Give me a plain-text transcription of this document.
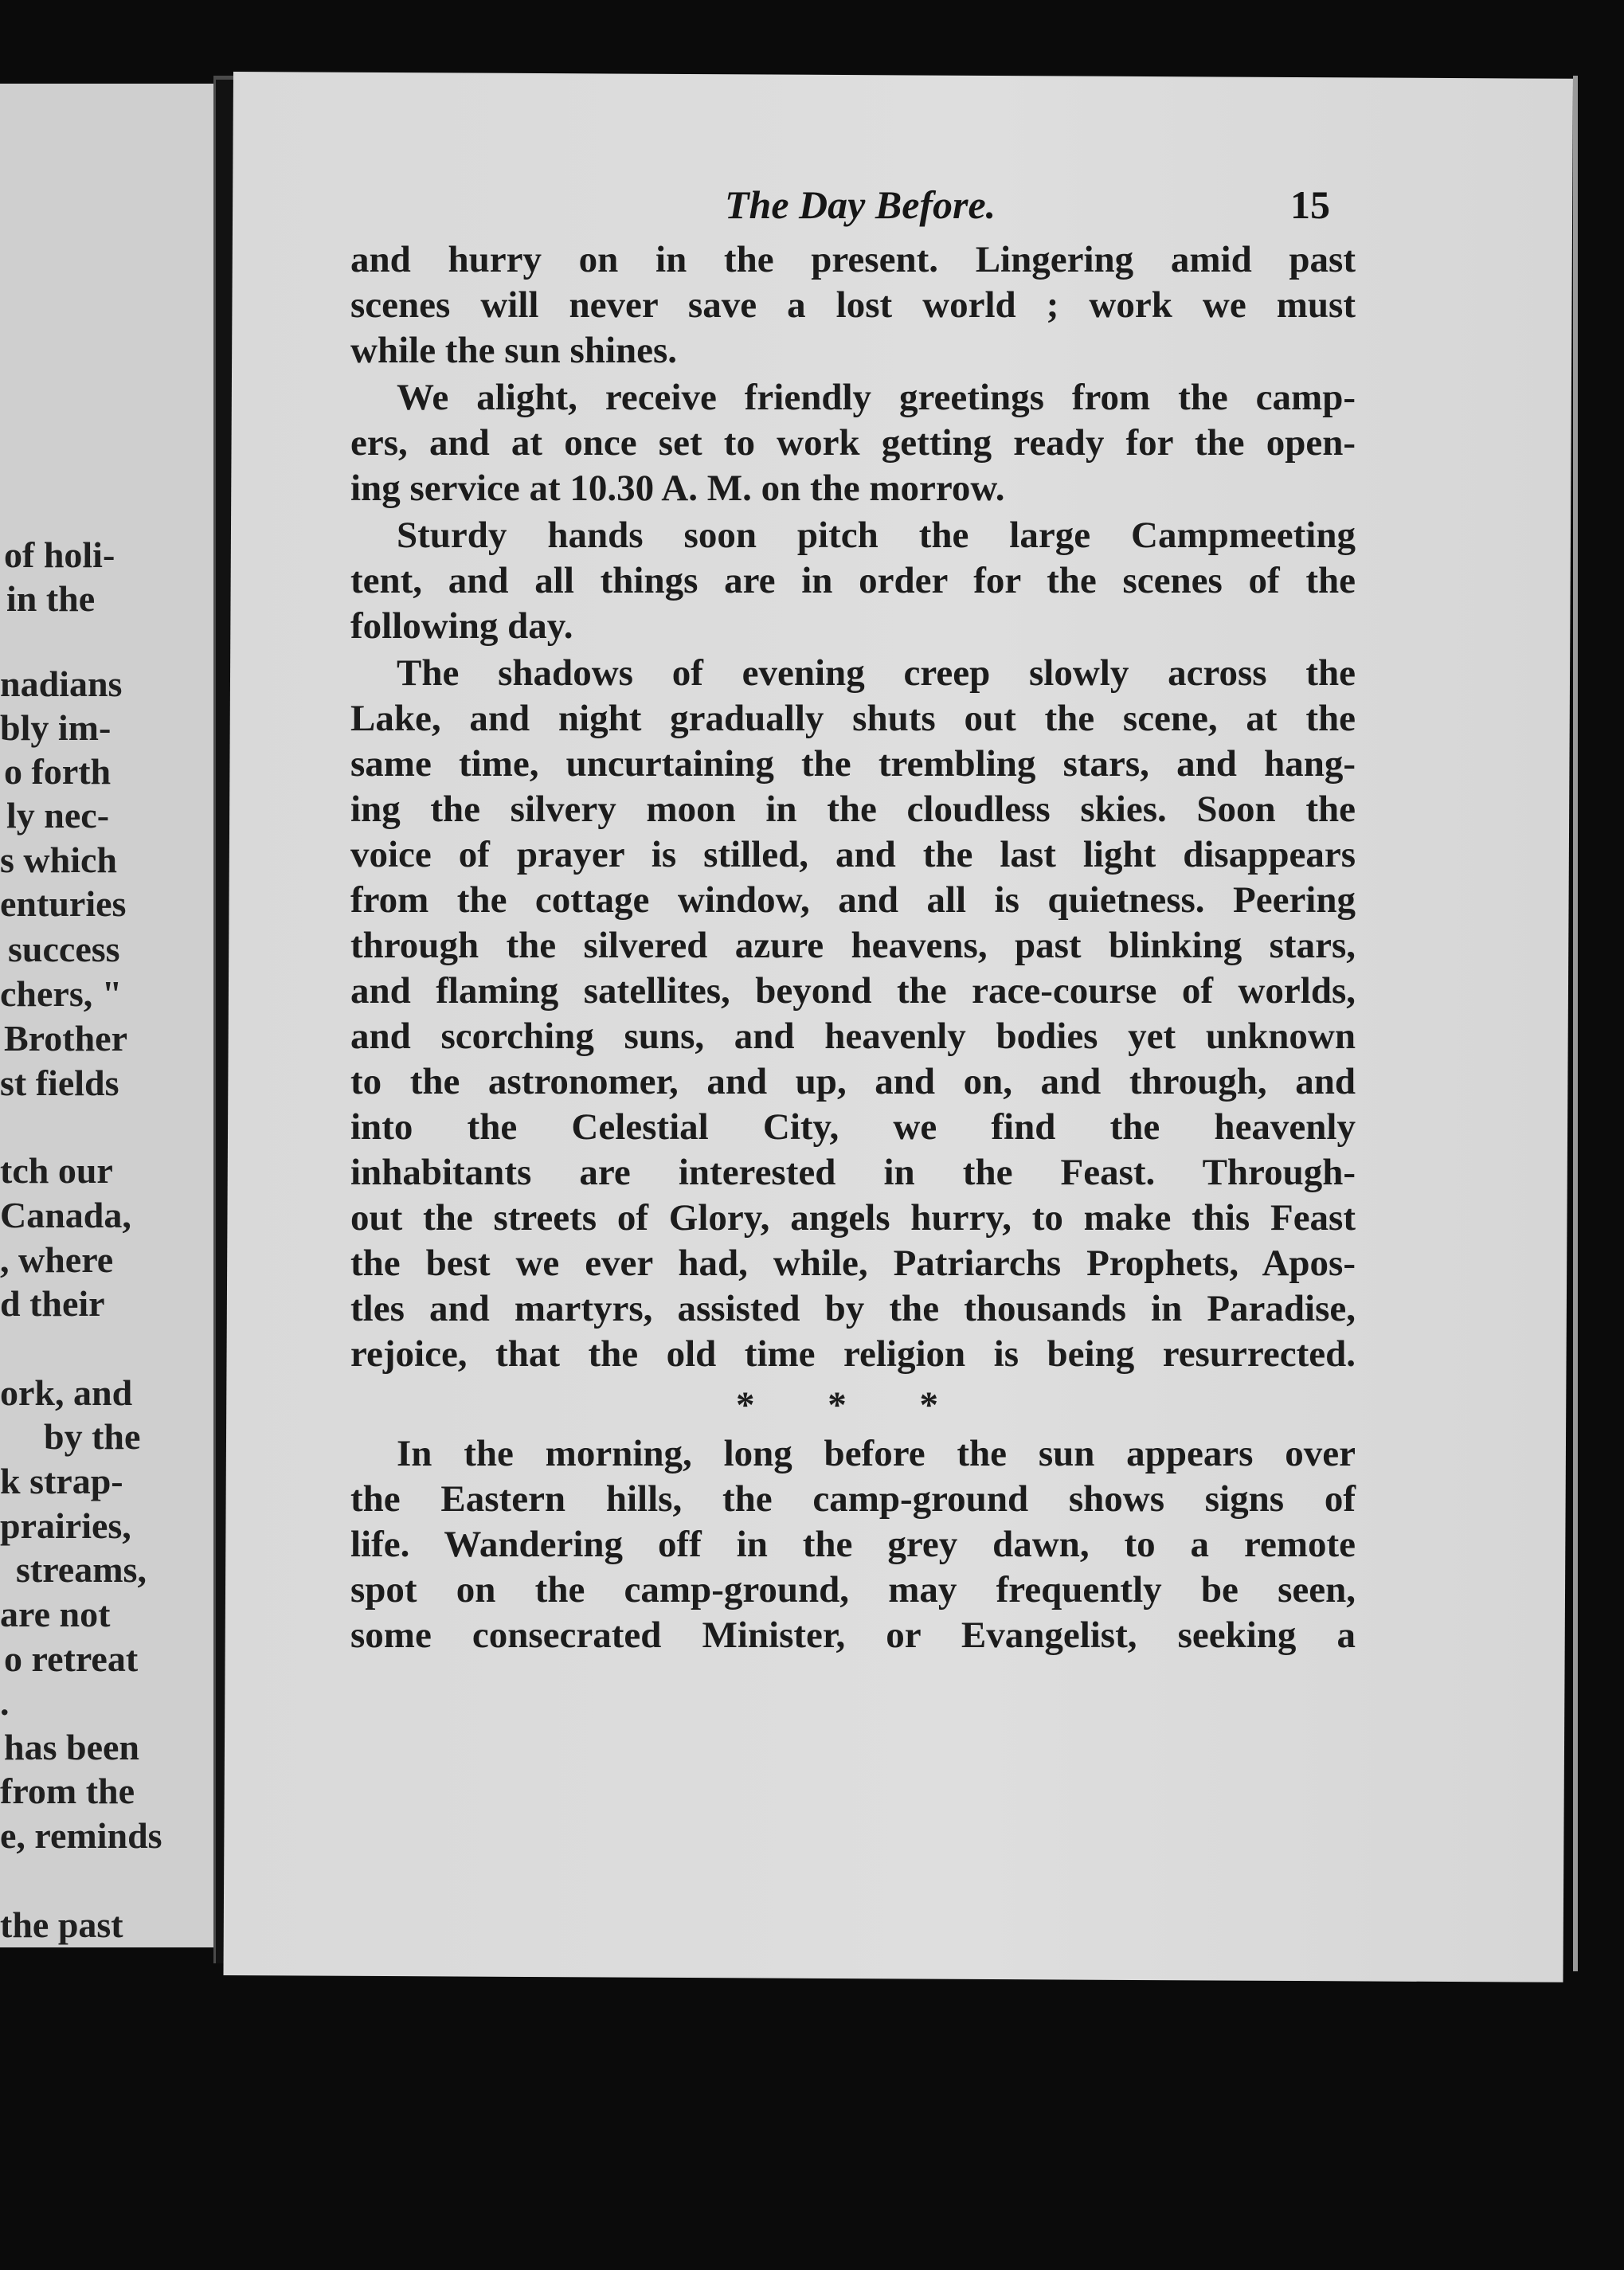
of holi-
in the
nadians
bly im-
o forth
ly nec-
s which
enturies
success
chers, "
Brother
st fields
tch our
Canada,
, where
d their
ork, and
by the
k strap-
prairies,
streams,
are not
o retreat
.
has been
from the
e, reminds
the past
The Day Before.	15
and hurry on in the present. Lingering amid past
scenes will never save a lost world ; work we must
while the sun shines.
We alight, receive friendly greetings from the camp-
ers, and at once set to work getting ready for the open-
ing service at 10.30 A. M. on the morrow.
Sturdy hands soon pitch the large Campmeeting
tent, and all things are in order for the scenes of the
following day.
The shadows of evening creep slowly across the
Lake, and night gradually shuts out the scene, at the
same time, uncurtaining the trembling stars, and hang-
ing the silvery moon in the cloudless skies. Soon the
voice of prayer is stilled, and the last light disappears
from the cottage window, and all is quietness. Peering
through the silvered azure heavens, past blinking stars,
and flaming satellites, beyond the race-course of worlds,
and scorching suns, and heavenly bodies yet unknown
to the astronomer, and up, and on, and through, and
into the Celestial City, we find the heavenly
inhabitants are interested in the Feast. Through-
out the streets of Glory, angels hurry, to make this Feast
the best we ever had, while, Patriarchs Prophets, Apos-
tles and martyrs, assisted by the thousands in Paradise,
rejoice, that the old time religion is being resurrected.
* * *
In the morning, long before the sun appears over
the Eastern hills, the camp-ground shows signs of
life. Wandering off in the grey dawn, to a remote
spot on the camp-ground, may frequently be seen,
some consecrated Minister, or Evangelist, seeking a
